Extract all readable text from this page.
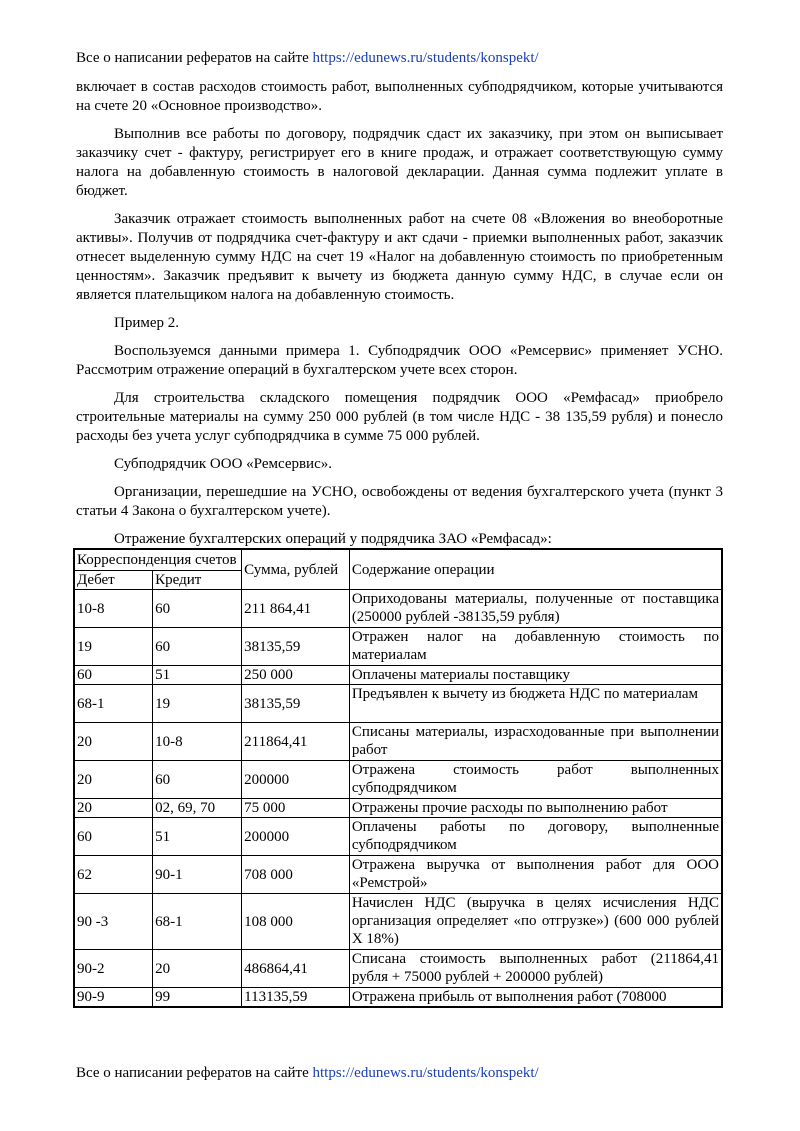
Все о написании рефератов на сайте https://edunews.ru/students/konspekt/

включает в состав расходов стоимость работ, выполненных субподрядчиком, которые учитываются на счете 20 «Основное производство».

Выполнив все работы по договору, подрядчик сдаст их заказчику, при этом он выписывает заказчику счет - фактуру, регистрирует его в книге продаж, и отражает соответствующую сумму налога на добавленную стоимость в налоговой декларации. Данная сумма подлежит уплате в бюджет.

Заказчик отражает стоимость выполненных работ на счете 08 «Вложения во внеоборотные активы». Получив от подрядчика счет-фактуру и акт сдачи - приемки выполненных работ, заказчик отнесет выделенную сумму НДС на счет 19 «Налог на добавленную стоимость по приобретенным ценностям». Заказчик предъявит к вычету из бюджета данную сумму НДС, в случае если он является плательщиком налога на добавленную стоимость.

Пример 2.

Воспользуемся данными примера 1. Субподрядчик ООО «Ремсервис» применяет УСНО. Рассмотрим отражение операций в бухгалтерском учете всех сторон.

Для строительства складского помещения подрядчик ООО «Ремфасад» приобрело строительные материалы на сумму 250 000 рублей (в том числе НДС - 38 135,59 рубля) и понесло расходы без учета услуг субподрядчика в сумме 75 000 рублей.

Субподрядчик ООО «Ремсервис».

Организации, перешедшие на УСНО, освобождены от ведения бухгалтерского учета (пункт 3 статьи 4 Закона о бухгалтерском учете).

Отражение бухгалтерских операций у подрядчика ЗАО «Ремфасад»:

Корреспонденция счетов		Сумма, рублей	Содержание операции
Дебет	Кредит		
10-8	60	211 864,41	Оприходованы материалы, полученные от поставщика (250000 рублей -38135,59 рубля)
19	60	38135,59	Отражен налог на добавленную стоимость по материалам
60	51	250 000	Оплачены материалы поставщику
68-1	19	38135,59	Предъявлен к вычету из бюджета НДС по материалам
20	10-8	211864,41	Списаны материалы, израсходованные при выполнении работ
20	60	200000	Отражена стоимость работ выполненных субподрядчиком
20	02, 69, 70	75 000	Отражены прочие расходы по выполнению работ
60	51	200000	Оплачены работы по договору, выполненные субподрядчиком
62	90-1	708 000	Отражена выручка от выполнения работ для ООО «Ремстрой»
90 -3	68-1	108 000	Начислен НДС (выручка в целях исчисления НДС организация определяет «по отгрузке») (600 000 рублей Х 18%)
90-2	20	486864,41	Списана стоимость выполненных работ (211864,41 рубля + 75000 рублей + 200000 рублей)
90-9	99	113135,59	Отражена прибыль от выполнения работ (708000
Все о написании рефератов на сайте https://edunews.ru/students/konspekt/
